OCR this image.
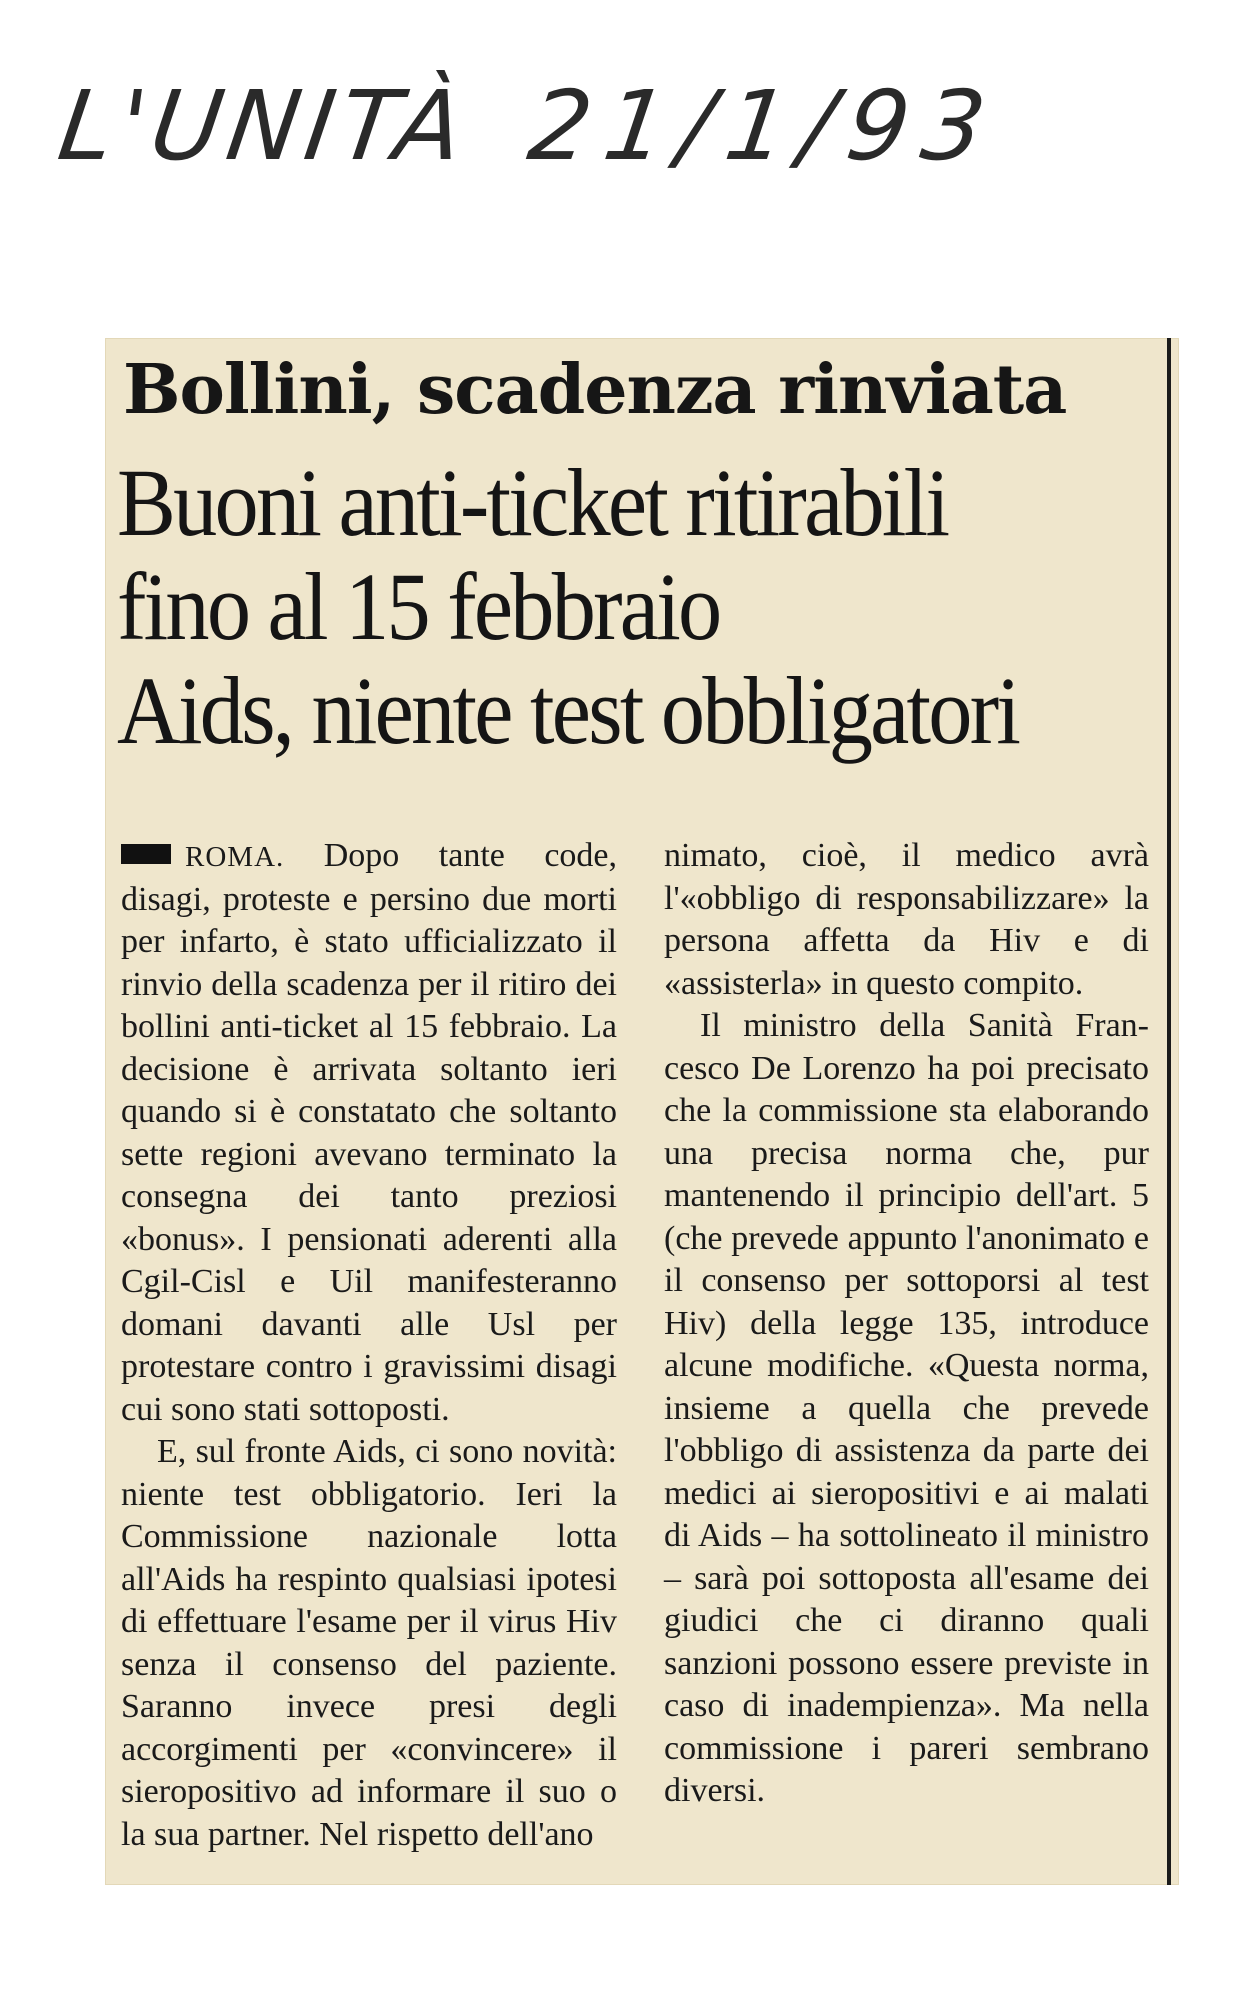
L'UNITÀ 21/1/93
Bollini, scadenza rinviata
Buoni anti-ticket ritirabili
fino al 15 febbraio
Aids, niente test obbligatori

ROMA. Dopo tante code, disagi, proteste e persino due morti per infarto, è stato ufficializzato il rinvio della scadenza per il ritiro dei bollini anti-ticket al 15 febbraio. La decisione è arrivata soltanto ieri quando si è constatato che soltanto sette regioni avevano terminato la consegna dei tanto preziosi «bonus». I pensionati aderenti alla Cgil-Cisl e Uil manifesteranno domani davanti alle Usl per protestare contro i gravissimi disagi cui sono stati sottoposti.

E, sul fronte Aids, ci sono novità: niente test obbligatorio. Ieri la Commissione nazionale lotta all'Aids ha respinto qualsiasi ipotesi di effettuare l'esame per il virus Hiv senza il consenso del paziente. Saranno invece presi degli accorgimenti per «convincere» il sieropositivo ad informare il suo o la sua partner. Nel rispetto dell'ano

nimato, cioè, il medico avrà l'«obbligo di responsabilizzare» la persona affetta da Hiv e di «assisterla» in questo compito.

Il ministro della Sanità Francesco De Lorenzo ha poi precisato che la commissione sta elaborando una precisa norma che, pur mantenendo il principio dell'art. 5 (che prevede appunto l'anonimato e il consenso per sottoporsi al test Hiv) della legge 135, introduce alcune modifiche. «Questa norma, insieme a quella che prevede l'obbligo di assistenza da parte dei medici ai sieropositivi e ai malati di Aids – ha sottolineato il ministro – sarà poi sottoposta all'esame dei giudici che ci diranno quali sanzioni possono essere previste in caso di inadempienza». Ma nella commissione i pareri sembrano diversi.
